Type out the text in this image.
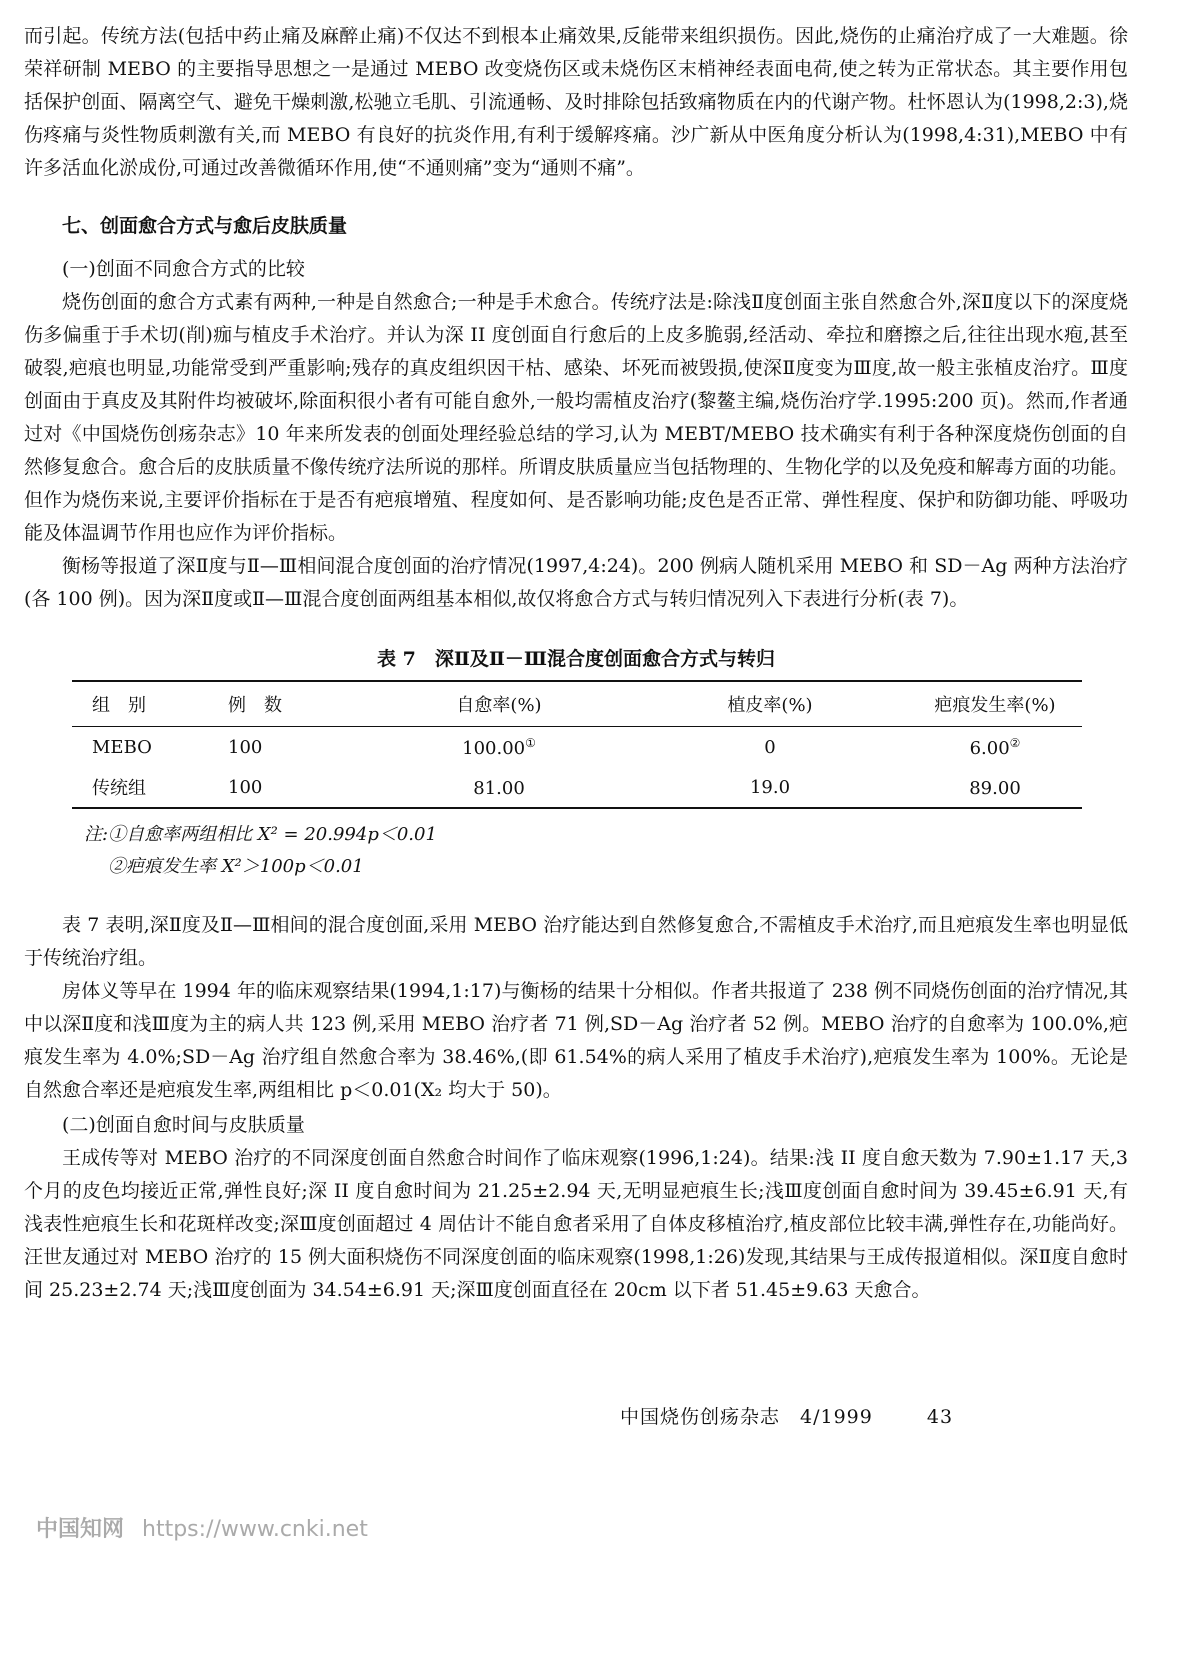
而引起。传统方法(包括中药止痛及麻醉止痛)不仅达不到根本止痛效果,反能带来组织损伤。因此,烧伤的止痛治疗成了一大难题。徐荣祥研制 MEBO 的主要指导思想之一是通过 MEBO 改变烧伤区或未烧伤区末梢神经表面电荷,使之转为正常状态。其主要作用包括保护创面、隔离空气、避免干燥刺激,松驰立毛肌、引流通畅、及时排除包括致痛物质在内的代谢产物。杜怀恩认为(1998,2:3),烧伤疼痛与炎性物质刺激有关,而 MEBO 有良好的抗炎作用,有利于缓解疼痛。沙广新从中医角度分析认为(1998,4:31),MEBO 中有许多活血化淤成份,可通过改善微循环作用,使“不通则痛”变为“通则不痛”。

七、创面愈合方式与愈后皮肤质量
(一)创面不同愈合方式的比较

烧伤创面的愈合方式素有两种,一种是自然愈合;一种是手术愈合。传统疗法是:除浅Ⅱ度创面主张自然愈合外,深Ⅱ度以下的深度烧伤多偏重于手术切(削)痂与植皮手术治疗。并认为深 II 度创面自行愈后的上皮多脆弱,经活动、牵拉和磨擦之后,往往出现水疱,甚至破裂,疤痕也明显,功能常受到严重影响;残存的真皮组织因干枯、感染、坏死而被毁损,使深Ⅱ度变为Ⅲ度,故一般主张植皮治疗。Ⅲ度创面由于真皮及其附件均被破坏,除面积很小者有可能自愈外,一般均需植皮治疗(黎鳌主编,烧伤治疗学.1995:200 页)。然而,作者通过对《中国烧伤创疡杂志》10 年来所发表的创面处理经验总结的学习,认为 MEBT/MEBO 技术确实有利于各种深度烧伤创面的自然修复愈合。愈合后的皮肤质量不像传统疗法所说的那样。所谓皮肤质量应当包括物理的、生物化学的以及免疫和解毒方面的功能。但作为烧伤来说,主要评价指标在于是否有疤痕增殖、程度如何、是否影响功能;皮色是否正常、弹性程度、保护和防御功能、呼吸功能及体温调节作用也应作为评价指标。

衡杨等报道了深Ⅱ度与Ⅱ—Ⅲ相间混合度创面的治疗情况(1997,4:24)。200 例病人随机采用 MEBO 和 SD－Ag 两种方法治疗(各 100 例)。因为深Ⅱ度或Ⅱ—Ⅲ混合度创面两组基本相似,故仅将愈合方式与转归情况列入下表进行分析(表 7)。

表 7　深Ⅱ及Ⅱ－Ⅲ混合度创面愈合方式与转归
组　别	例　数	自愈率(%)	植皮率(%)	疤痕发生率(%)
MEBO	100	100.00①	0	6.00②
传统组	100	81.00	19.0	89.00
注:①自愈率两组相比 X² = 20.994p＜0.01
②疤痕发生率 X²＞100p＜0.01

表 7 表明,深Ⅱ度及Ⅱ—Ⅲ相间的混合度创面,采用 MEBO 治疗能达到自然修复愈合,不需植皮手术治疗,而且疤痕发生率也明显低于传统治疗组。

房体义等早在 1994 年的临床观察结果(1994,1:17)与衡杨的结果十分相似。作者共报道了 238 例不同烧伤创面的治疗情况,其中以深Ⅱ度和浅Ⅲ度为主的病人共 123 例,采用 MEBO 治疗者 71 例,SD－Ag 治疗者 52 例。MEBO 治疗的自愈率为 100.0%,疤痕发生率为 4.0%;SD－Ag 治疗组自然愈合率为 38.46%,(即 61.54%的病人采用了植皮手术治疗),疤痕发生率为 100%。无论是自然愈合率还是疤痕发生率,两组相比 p＜0.01(X₂ 均大于 50)。

(二)创面自愈时间与皮肤质量

王成传等对 MEBO 治疗的不同深度创面自然愈合时间作了临床观察(1996,1:24)。结果:浅 II 度自愈天数为 7.90±1.17 天,3 个月的皮色均接近正常,弹性良好;深 II 度自愈时间为 21.25±2.94 天,无明显疤痕生长;浅Ⅲ度创面自愈时间为 39.45±6.91 天,有浅表性疤痕生长和花斑样改变;深Ⅲ度创面超过 4 周估计不能自愈者采用了自体皮移植治疗,植皮部位比较丰满,弹性存在,功能尚好。汪世友通过对 MEBO 治疗的 15 例大面积烧伤不同深度创面的临床观察(1998,1:26)发现,其结果与王成传报道相似。深Ⅱ度自愈时间 25.23±2.74 天;浅Ⅲ度创面为 34.54±6.91 天;深Ⅲ度创面直径在 20cm 以下者 51.45±9.63 天愈合。

中国烧伤创疡杂志　4/1999	43
中国知网 https://www.cnki.net
